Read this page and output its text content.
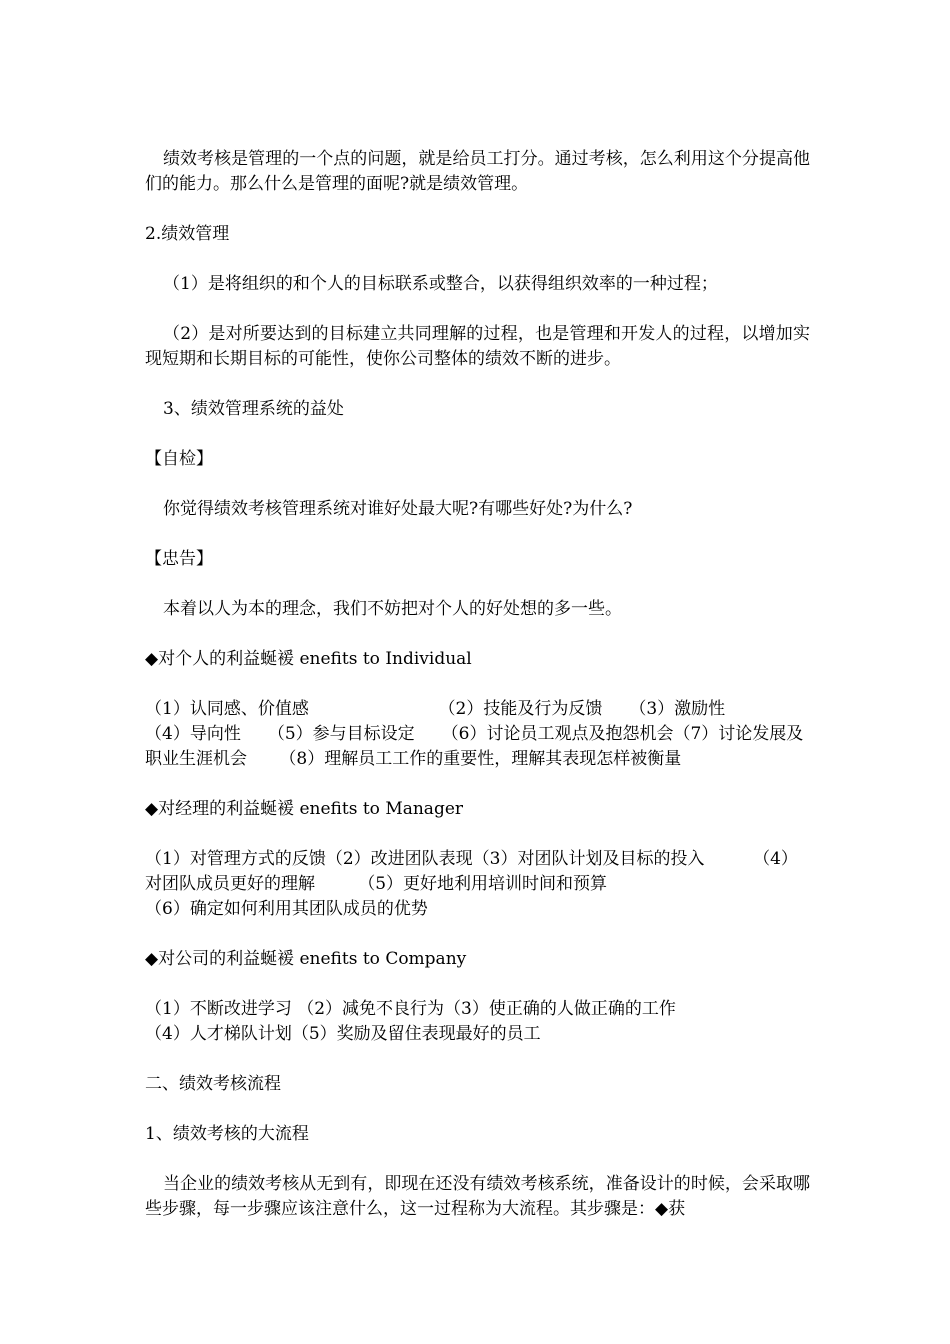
绩效考核是管理的一个点的问题，就是给员工打分。通过考核，怎么利用这个分提高他们的能力。那么什么是管理的面呢?就是绩效管理。

2.绩效管理

（1）是将组织的和个人的目标联系或整合，以获得组织效率的一种过程；

（2）是对所要达到的目标建立共同理解的过程，也是管理和开发人的过程，以增加实现短期和长期目标的可能性，使你公司整体的绩效不断的进步。

3、绩效管理系统的益处

【自检】

你觉得绩效考核管理系统对谁好处最大呢?有哪些好处?为什么?

【忠告】

本着以人为本的理念，我们不妨把对个人的好处想的多一些。

◆对个人的利益蜒褑 enefits to Individual

（1）认同感、价值感                        （2）技能及行为反馈     （3）激励性
（4）导向性     （5）参与目标设定     （6）讨论员工观点及抱怨机会（7）讨论发展及
职业生涯机会      （8）理解员工工作的重要性，理解其表现怎样被衡量

◆对经理的利益蜒褑 enefits to Manager

（1）对管理方式的反馈（2）改进团队表现（3）对团队计划及目标的投入         （4）
对团队成员更好的理解        （5）更好地利用培训时间和预算
（6）确定如何利用其团队成员的优势

◆对公司的利益蜒褑 enefits to Company

（1）不断改进学习 （2）减免不良行为（3）使正确的人做正确的工作
（4）人才梯队计划（5）奖励及留住表现最好的员工

二、绩效考核流程

1、绩效考核的大流程

当企业的绩效考核从无到有，即现在还没有绩效考核系统，准备设计的时候，会采取哪些步骤，每一步骤应该注意什么，这一过程称为大流程。其步骤是：◆获
